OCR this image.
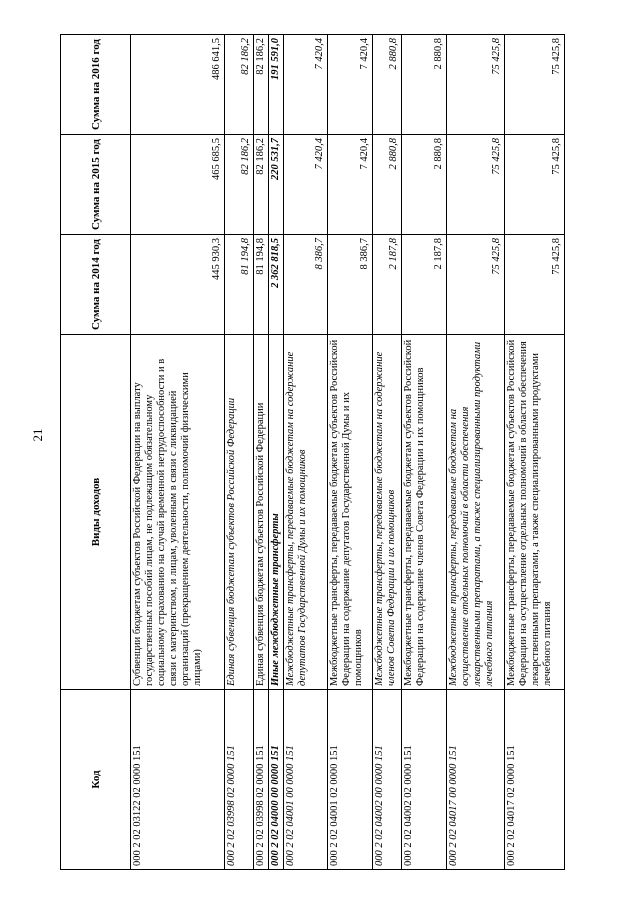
21
Код	Виды доходов	Сумма на 2014 год	Сумма на 2015 год	Сумма на 2016 год
000 2 02 03122 02 0000 151	Субвенции бюджетам субъектов Российской Федерации на выплату государственных пособий лицам, не подлежащим обязательному социальному страхованию на случай временной нетрудоспособности и в связи с материнством, и лицам, уволенным в связи с ликвидацией организаций (прекращением деятельности, полномочий физическими лицами)	445 930,3	465 685,5	486 641,5
000 2 02 03998 02 0000 151	Единая субвенция бюджетам субъектов Российской Федерации	81 194,8	82 186,2	82 186,2
000 2 02 03998 02 0000 151	Единая субвенция бюджетам субъектов Российской Федерации	81 194,8	82 186,2	82 186,2
000 2 02 04000 00 0000 151	Иные межбюджетные трансферты	2 362 818,5	220 531,7	191 591,0
000 2 02 04001 00 0000 151	Межбюджетные трансферты, передаваемые бюджетам на содержание депутатов Государственной Думы и их помощников	8 386,7	7 420,4	7 420,4
000 2 02 04001 02 0000 151	Межбюджетные трансферты, передаваемые бюджетам субъектов Российской Федерации на содержание депутатов Государственной Думы и их помощников	8 386,7	7 420,4	7 420,4
000 2 02 04002 00 0000 151	Межбюджетные трансферты, передаваемые бюджетам на содержание членов Совета Федерации и их помощников	2 187,8	2 880,8	2 880,8
000 2 02 04002 02 0000 151	Межбюджетные трансферты, передаваемые бюджетам субъектов Российской Федерации на содержание членов Совета Федерации и их помощников	2 187,8	2 880,8	2 880,8
000 2 02 04017 00 0000 151	Межбюджетные трансферты, передаваемые бюджетам на осуществление отдельных полномочий в области обеспечения лекарственными препаратами, а также специализированными продуктами лечебного питания	75 425,8	75 425,8	75 425,8
000 2 02 04017 02 0000 151	Межбюджетные трансферты, передаваемые бюджетам субъектов Российской Федерации на осуществление отдельных полномочий в области обеспечения лекарственными препаратами, а также специализированными продуктами лечебного питания	75 425,8	75 425,8	75 425,8
